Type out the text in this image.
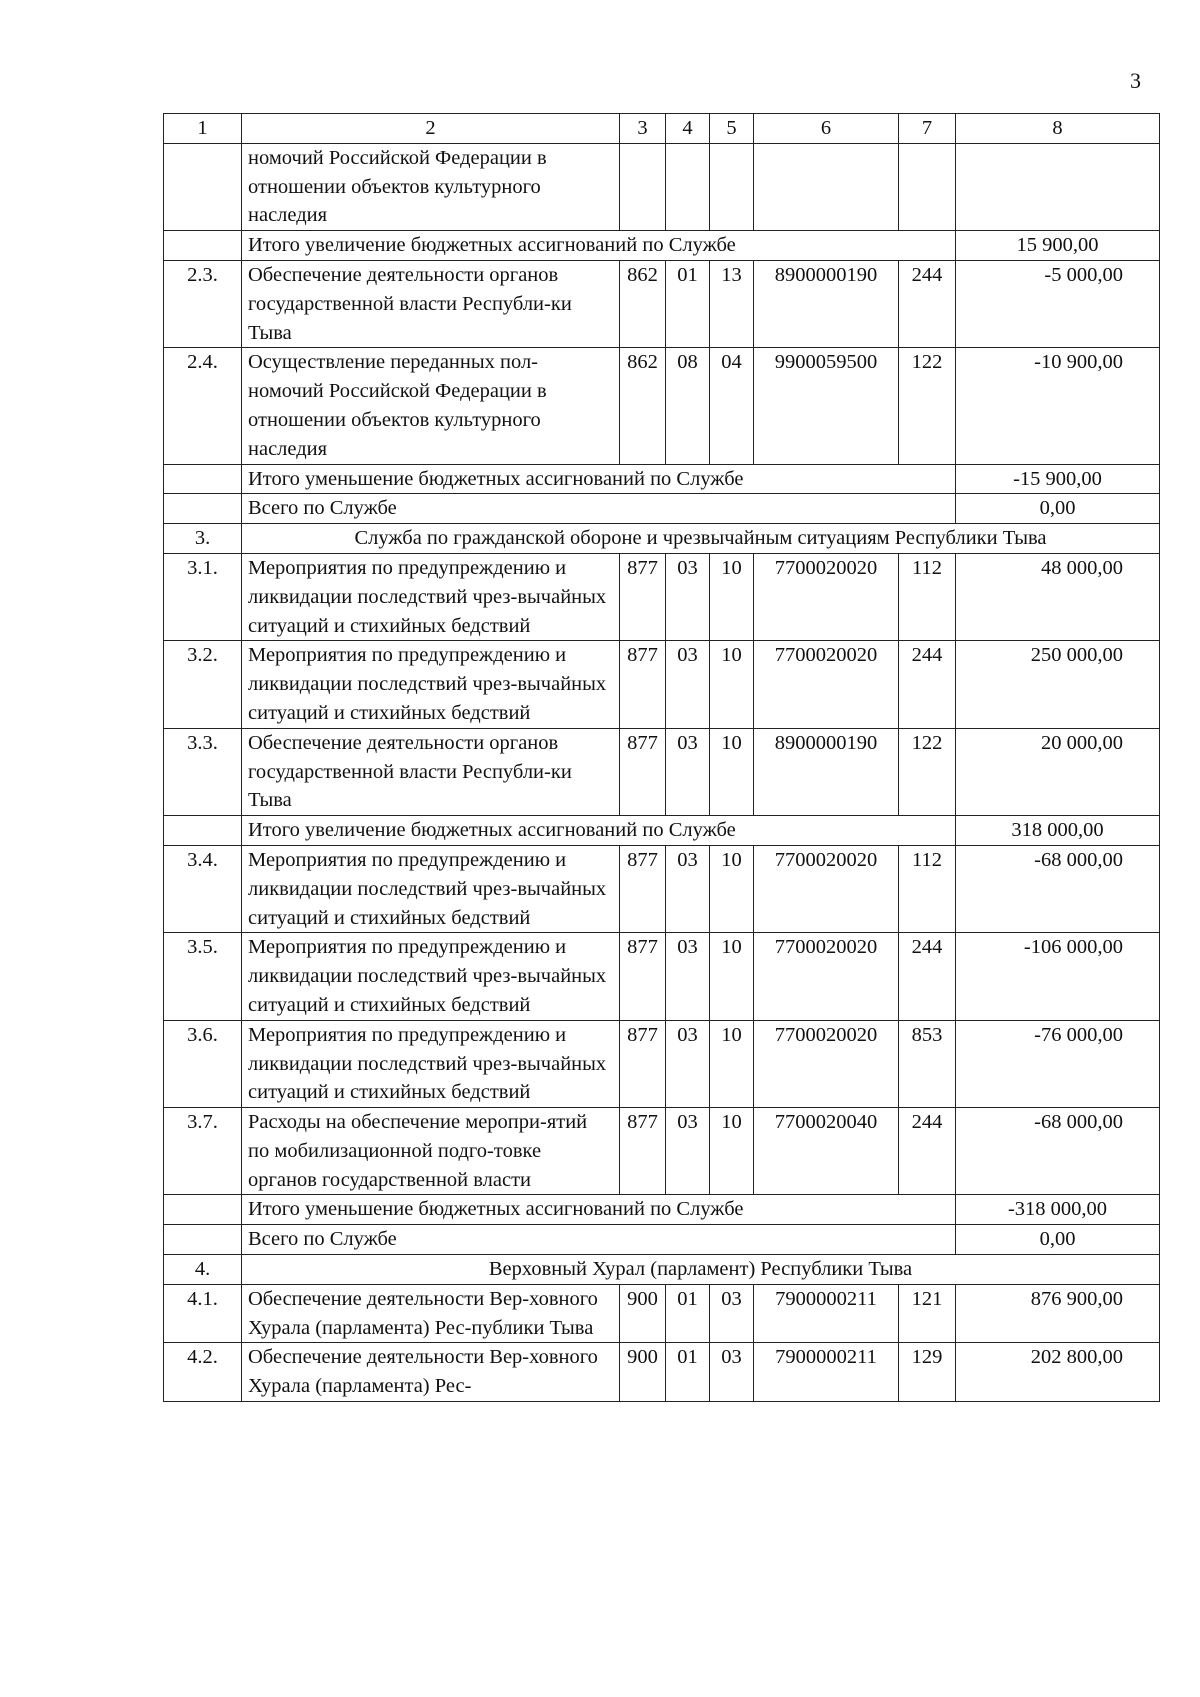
3
1	2	3	4	5	6	7	8
	номочий Российской Федерации в отношении объектов культурного наследия						
	Итого увеличение бюджетных ассигнований по Службе						15 900,00
2.3.	Обеспечение деятельности органов государственной власти Республи-ки Тыва	862	01	13	8900000190	244	-5 000,00
2.4.	Осуществление переданных пол-номочий Российской Федерации в отношении объектов культурного наследия	862	08	04	9900059500	122	-10 900,00
	Итого уменьшение бюджетных ассигнований по Службе						-15 900,00
	Всего по Службе						0,00
3.	Служба по гражданской обороне и чрезвычайным ситуациям Республики Тыва						
3.1.	Мероприятия по предупреждению и ликвидации последствий чрез-вычайных ситуаций и стихийных бедствий	877	03	10	7700020020	112	48 000,00
3.2.	Мероприятия по предупреждению и ликвидации последствий чрез-вычайных ситуаций и стихийных бедствий	877	03	10	7700020020	244	250 000,00
3.3.	Обеспечение деятельности органов государственной власти Республи-ки Тыва	877	03	10	8900000190	122	20 000,00
	Итого увеличение бюджетных ассигнований по Службе						318 000,00
3.4.	Мероприятия по предупреждению и ликвидации последствий чрез-вычайных ситуаций и стихийных бедствий	877	03	10	7700020020	112	-68 000,00
3.5.	Мероприятия по предупреждению и ликвидации последствий чрез-вычайных ситуаций и стихийных бедствий	877	03	10	7700020020	244	-106 000,00
3.6.	Мероприятия по предупреждению и ликвидации последствий чрез-вычайных ситуаций и стихийных бедствий	877	03	10	7700020020	853	-76 000,00
3.7.	Расходы на обеспечение меропри-ятий по мобилизационной подго-товке органов государственной власти	877	03	10	7700020040	244	-68 000,00
	Итого уменьшение бюджетных ассигнований по Службе						-318 000,00
	Всего по Службе						0,00
4.	Верховный Хурал (парламент) Республики Тыва						
4.1.	Обеспечение деятельности Вер-ховного Хурала (парламента) Рес-публики Тыва	900	01	03	7900000211	121	876 900,00
4.2.	Обеспечение деятельности Вер-ховного Хурала (парламента) Рес-	900	01	03	7900000211	129	202 800,00
